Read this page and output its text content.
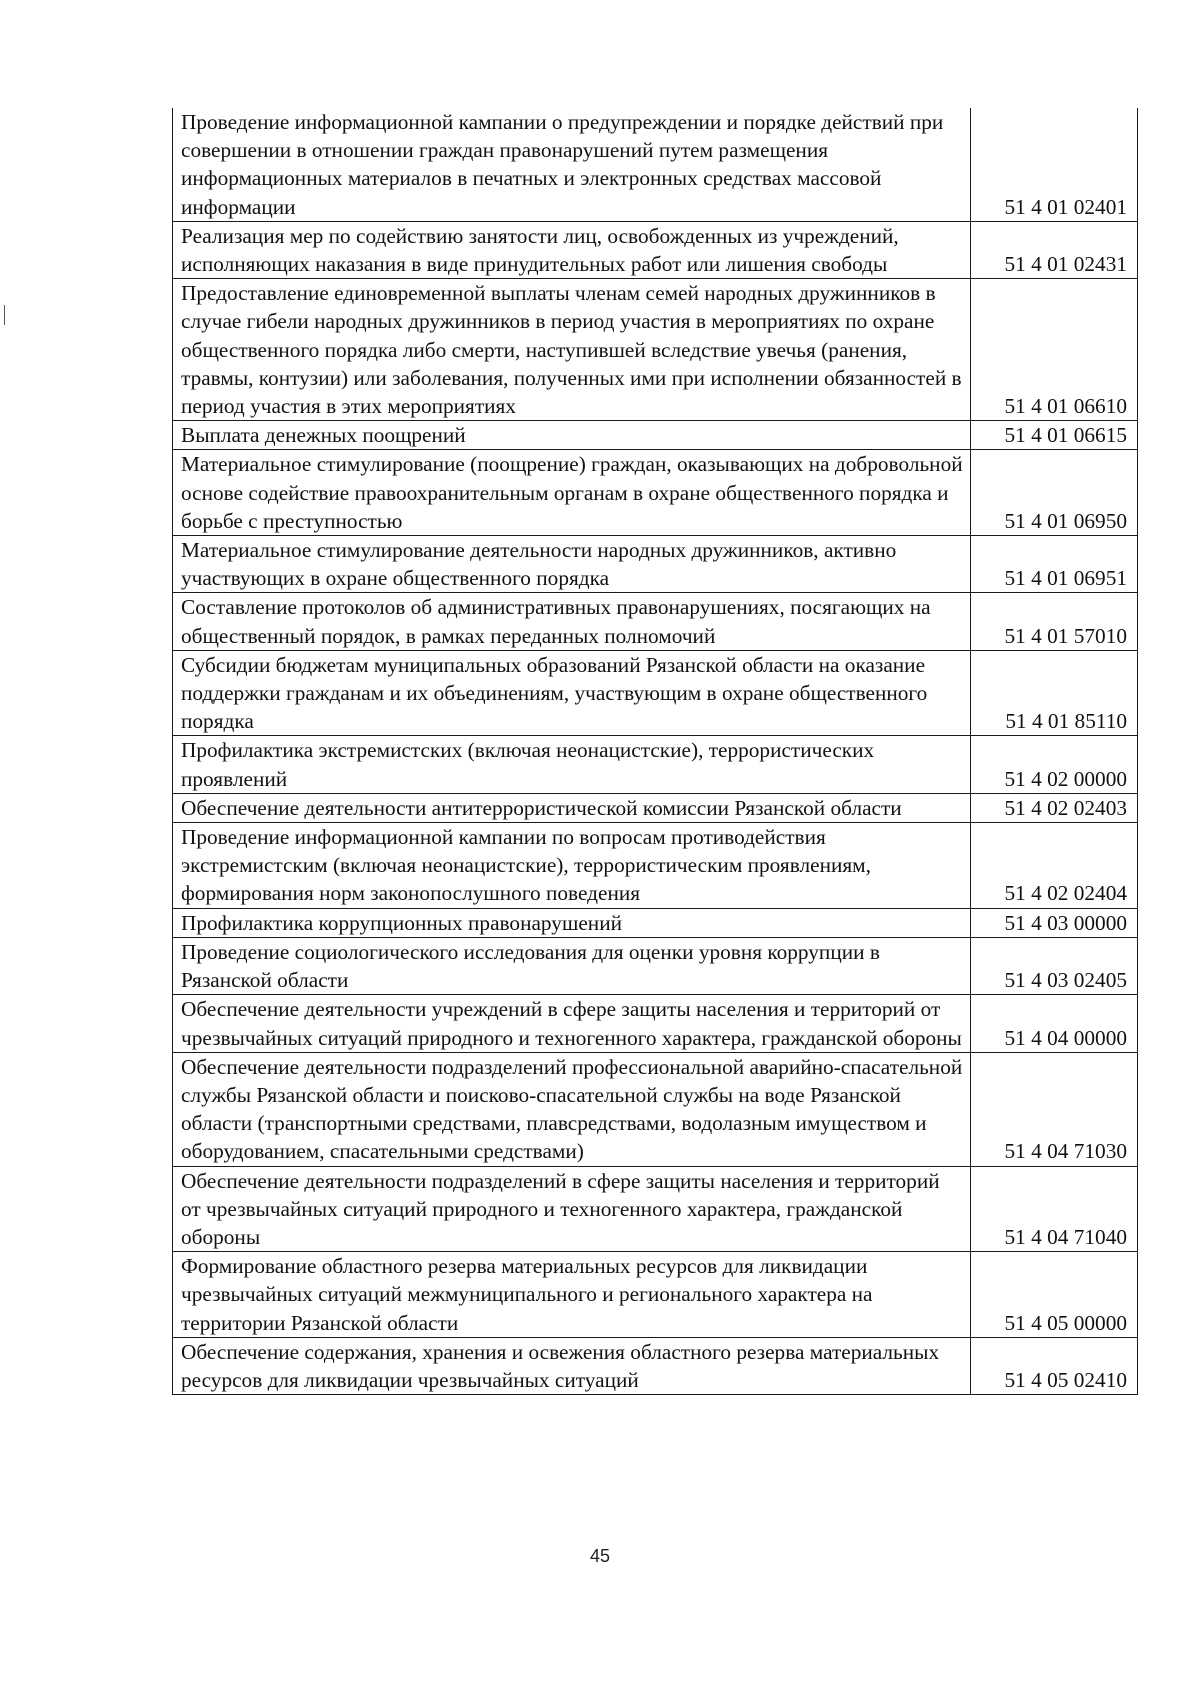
Проведение информационной кампании о предупреждении и порядке действий при совершении в отношении граждан правонарушений путем размещения информационных материалов в печатных и электронных средствах массовой информации	51 4 01 02401
Реализация мер по содействию занятости лиц, освобожденных из учреждений, исполняющих наказания в виде принудительных работ или лишения свободы	51 4 01 02431
Предоставление единовременной выплаты членам семей народных дружинников в случае гибели народных дружинников в период участия в мероприятиях по охране общественного порядка либо смерти, наступившей вследствие увечья (ранения, травмы, контузии) или заболевания, полученных ими при исполнении обязанностей в период участия в этих мероприятиях	51 4 01 06610
Выплата денежных поощрений	51 4 01 06615
Материальное стимулирование (поощрение) граждан, оказывающих на добровольной основе содействие правоохранительным органам в охране общественного порядка и борьбе с преступностью	51 4 01 06950
Материальное стимулирование деятельности народных дружинников, активно участвующих в охране общественного порядка	51 4 01 06951
Составление протоколов об административных правонарушениях, посягающих на общественный порядок, в рамках переданных полномочий	51 4 01 57010
Субсидии бюджетам муниципальных образований Рязанской области на оказание поддержки гражданам и их объединениям, участвующим в охране общественного порядка	51 4 01 85110
Профилактика экстремистских (включая неонацистские), террористических проявлений	51 4 02 00000
Обеспечение деятельности антитеррористической комиссии Рязанской области	51 4 02 02403
Проведение информационной кампании по вопросам противодействия экстремистским (включая неонацистские), террористическим проявлениям, формирования норм законопослушного поведения	51 4 02 02404
Профилактика коррупционных правонарушений	51 4 03 00000
Проведение социологического исследования для оценки уровня коррупции в Рязанской области	51 4 03 02405
Обеспечение деятельности учреждений в сфере защиты населения и территорий от чрезвычайных ситуаций природного и техногенного характера, гражданской обороны	51 4 04 00000
Обеспечение деятельности подразделений профессиональной аварийно-спасательной службы Рязанской области и поисково-спасательной службы на воде Рязанской области (транспортными средствами, плавсредствами, водолазным имуществом и оборудованием, спасательными средствами)	51 4 04 71030
Обеспечение деятельности подразделений в сфере защиты населения и территорий от чрезвычайных ситуаций природного и техногенного характера, гражданской обороны	51 4 04 71040
Формирование областного резерва материальных ресурсов для ликвидации чрезвычайных ситуаций межмуниципального и регионального характера на территории Рязанской области	51 4 05 00000
Обеспечение содержания, хранения и освежения областного резерва материальных ресурсов для ликвидации чрезвычайных ситуаций	51 4 05 02410
45
